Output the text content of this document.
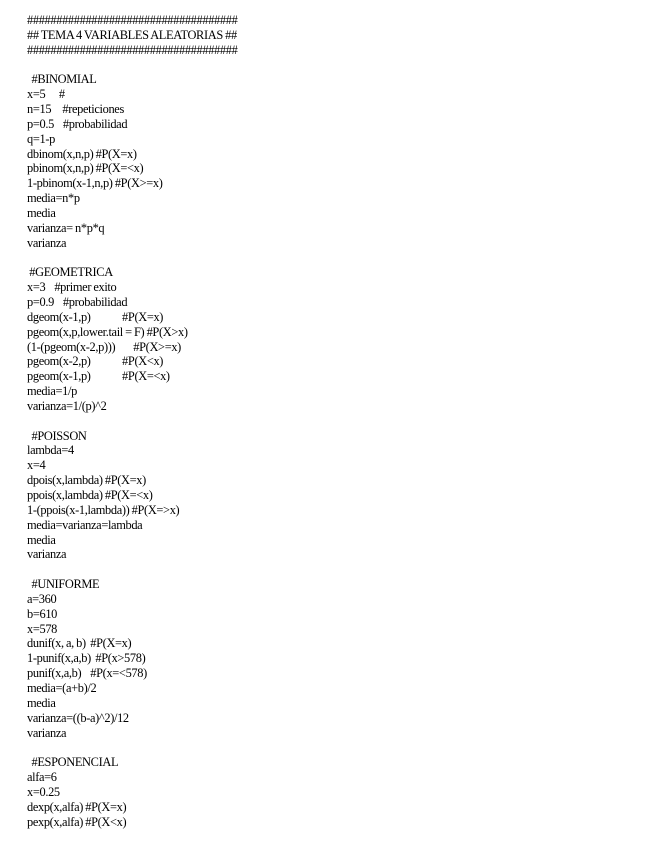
####################################
## TEMA 4 VARIABLES ALEATORIAS ##
####################################
#BINOMIAL
x=5      #
n=15     #repeticiones
p=0.5    #probabilidad
q=1-p
dbinom(x,n,p) #P(X=x)
pbinom(x,n,p) #P(X=<x)
1-pbinom(x-1,n,p) #P(X>=x)
media=n*p
media
varianza= n*p*q
varianza
#GEOMETRICA
x=3    #primer exito
p=0.9    #probabilidad
dgeom(x-1,p)              #P(X=x)
pgeom(x,p,lower.tail = F) #P(X>x)
(1-(pgeom(x-2,p)))        #P(X>=x)
pgeom(x-2,p)              #P(X<x)
pgeom(x-1,p)              #P(X=<x)
media=1/p
varianza=1/(p)^2
#POISSON
lambda=4
x=4
dpois(x,lambda) #P(X=x)
ppois(x,lambda) #P(X=<x)
1-(ppois(x-1,lambda)) #P(X=>x)
media=varianza=lambda
media
varianza
#UNIFORME
a=360
b=610
x=578
dunif(x, a, b)  #P(X=x)
1-punif(x,a,b)  #P(x>578)
punif(x,a,b)    #P(x=<578)
media=(a+b)/2
media
varianza=((b-a)^2)/12
varianza
#ESPONENCIAL
alfa=6
x=0.25
dexp(x,alfa) #P(X=x)
pexp(x,alfa) #P(X<x)
